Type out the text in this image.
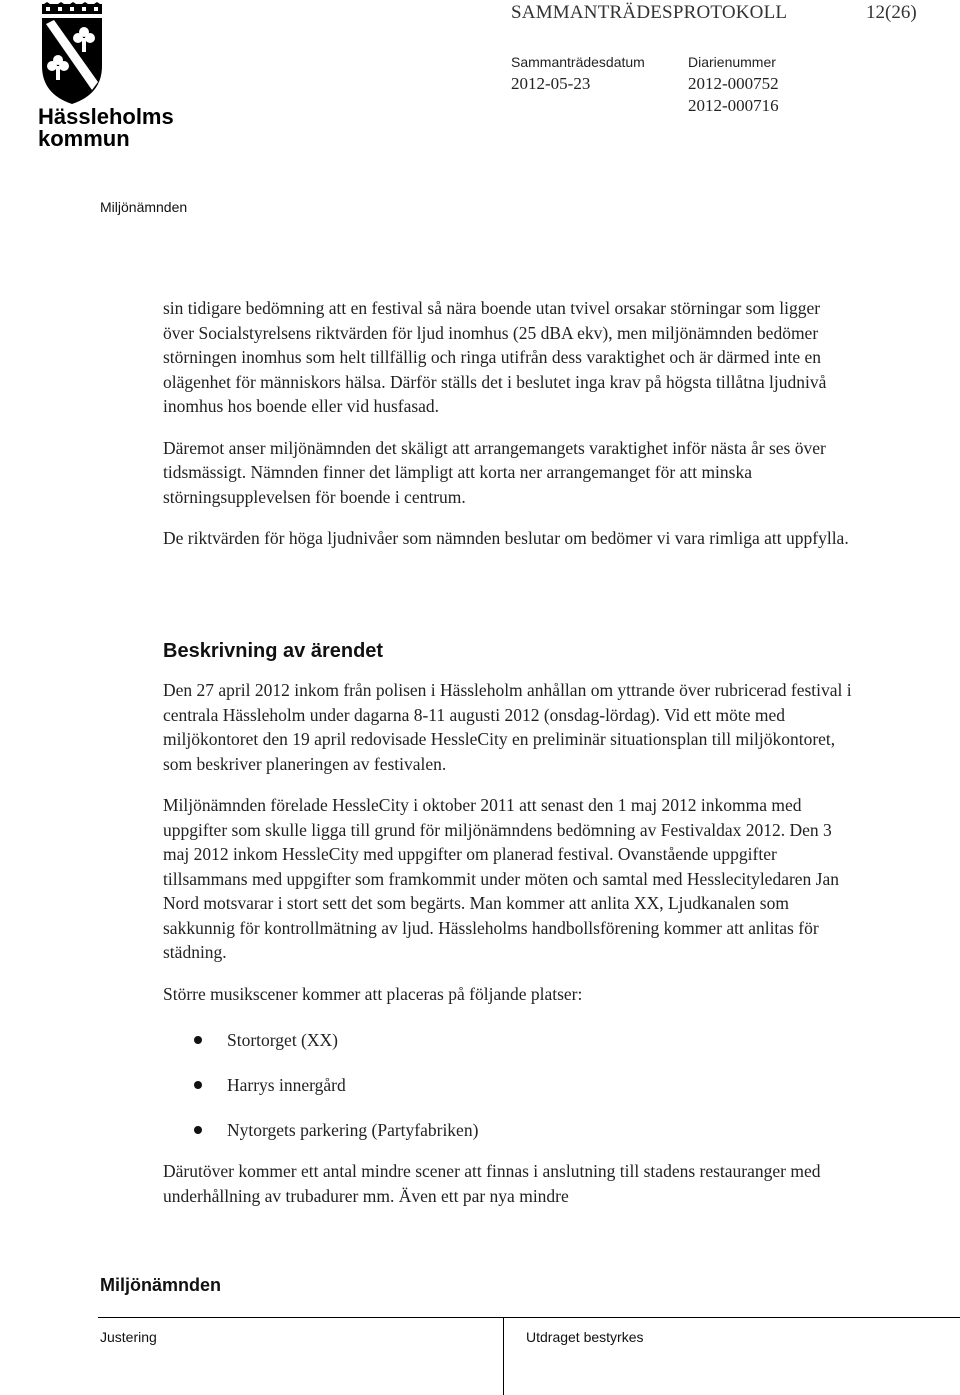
Hässleholms
kommun
SAMMANTRÄDESPROTOKOLL	12(26)
Sammanträdesdatum
2012-05-23
Diarienummer
2012-000752
2012-000716
Miljönämnden

sin tidigare bedömning att en festival så nära boende utan tvivel orsakar störningar som ligger över Socialstyrelsens riktvärden för ljud inomhus (25 dBA ekv), men miljönämnden bedömer störningen inomhus som helt tillfällig och ringa utifrån dess varaktighet och är därmed inte en olägenhet för människors hälsa. Därför ställs det i beslutet inga krav på högsta tillåtna ljudnivå inomhus hos boende eller vid husfasad.

Däremot anser miljönämnden det skäligt att arrangemangets varaktighet inför nästa år ses över tidsmässigt. Nämnden finner det lämpligt att korta ner arrangemanget för att minska störningsupplevelsen för boende i centrum.

De riktvärden för höga ljudnivåer som nämnden beslutar om bedömer vi vara rimliga att uppfylla.

Beskrivning av ärendet

Den 27 april 2012 inkom från polisen i Hässleholm anhållan om yttrande över rubricerad festival i centrala Hässleholm under dagarna 8-11 augusti 2012 (onsdag-lördag). Vid ett möte med miljökontoret den 19 april redovisade HessleCity en preliminär situationsplan till miljökontoret, som beskriver planeringen av festivalen.

Miljönämnden förelade HessleCity i oktober 2011 att senast den 1 maj 2012 inkomma med uppgifter som skulle ligga till grund för miljönämndens bedömning av Festivaldax 2012. Den 3 maj 2012 inkom HessleCity med uppgifter om planerad festival. Ovanstående uppgifter tillsammans med uppgifter som framkommit under möten och samtal med Hesslecityledaren Jan Nord motsvarar i stort sett det som begärts. Man kommer att anlita XX, Ljudkanalen som sakkunnig för kontrollmätning av ljud. Hässleholms handbollsförening kommer att anlitas för städning.

Större musikscener kommer att placeras på följande platser:

Stortorget (XX)
Harrys innergård
Nytorgets parkering (Partyfabriken)

Därutöver kommer ett antal mindre scener att finnas i anslutning till stadens restauranger med underhållning av trubadurer mm. Även ett par nya mindre

Miljönämnden
Justering	Utdraget bestyrkes
